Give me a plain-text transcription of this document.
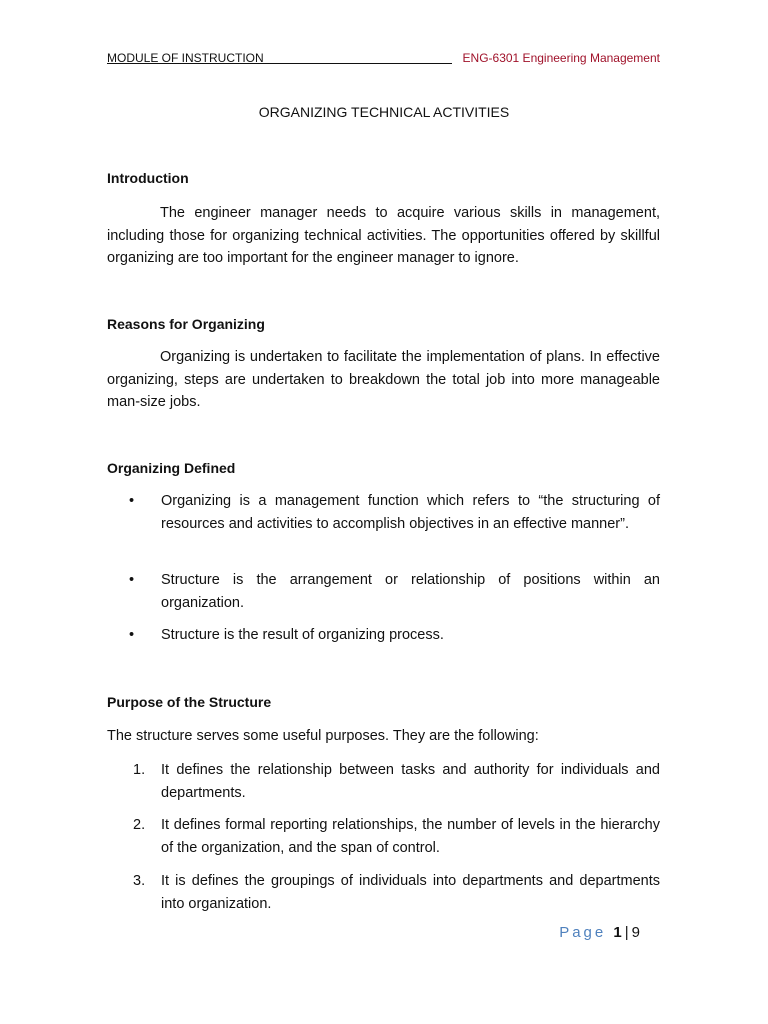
MODULE OF INSTRUCTION	ENG-6301 Engineering Management
ORGANIZING TECHNICAL ACTIVITIES
Introduction
The engineer manager needs to acquire various skills in management, including those for organizing technical activities. The opportunities offered by skillful organizing are too important for the engineer manager to ignore.
Reasons for Organizing
Organizing is undertaken to facilitate the implementation of plans. In effective organizing, steps are undertaken to breakdown the total job into more manageable man-size jobs.
Organizing Defined
• Organizing is a management function which refers to “the structuring of resources and activities to accomplish objectives in an effective manner”.
• Structure is the arrangement or relationship of positions within an organization.
• Structure is the result of organizing process.
Purpose of the Structure
The structure serves some useful purposes. They are the following:
1. It defines the relationship between tasks and authority for individuals and departments.
2. It defines formal reporting relationships, the number of levels in the hierarchy of the organization, and the span of control.
3. It is defines the groupings of individuals into departments and departments into organization.
Page 1 | 9
